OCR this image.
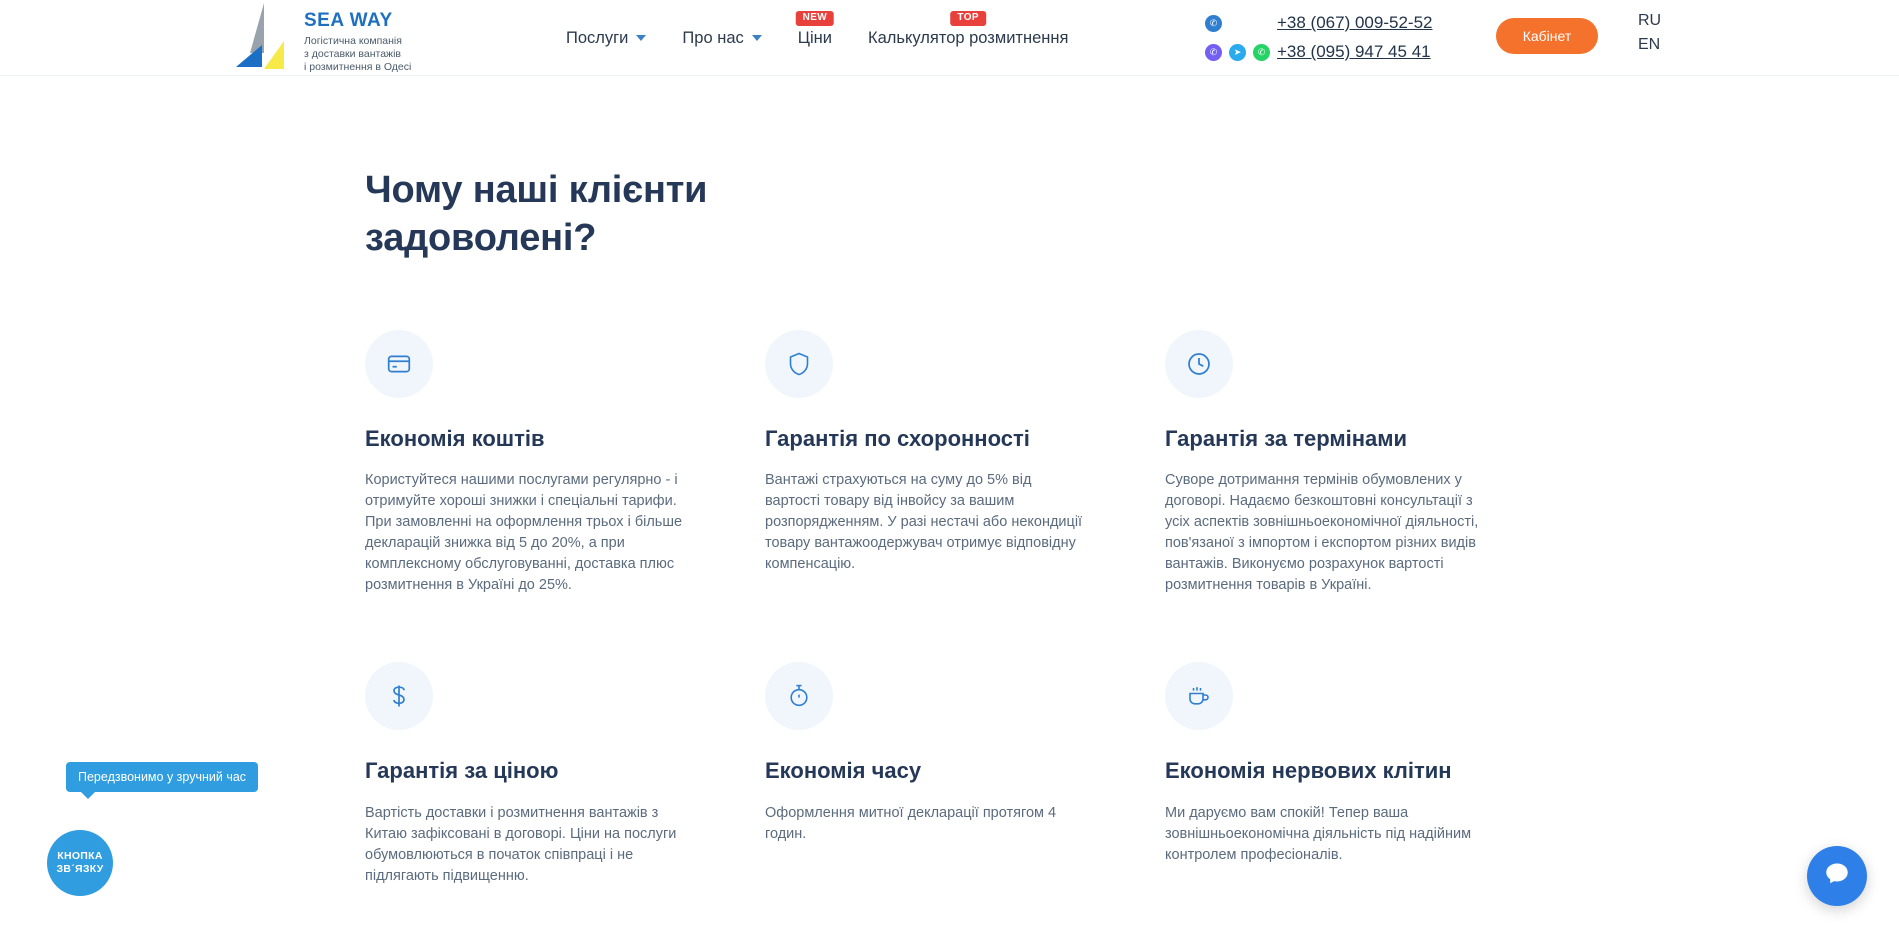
SEA WAY
Логістична компанія
з доставки вантажів
і розмитнення в Одесі
Послуги	Про нас
NEW
Ціни
TOP
Калькулятор розмитнення
✆	+38 (067) 009-52-52
✆	➤	✆ +38 (095) 947 45 41
Кабінет
RU
EN
Чому наші клієнти задоволені?
Економія коштів

Користуйтеся нашими послугами регулярно - і отримуйте хороші знижки і спеціальні тарифи. При замовленні на оформлення трьох і більше декларацій знижка від 5 до 20%, а при комплексному обслуговуванні, доставка плюс розмитнення в Україні до 25%.

Гарантія по схоронності

Вантажі страхуються на суму до 5% від вартості товару від інвойсу за вашим розпорядженням. У разі нестачі або некондиції товару вантажоодержувач отримує відповідну компенсацію.

Гарантія за термінами

Суворе дотримання термінів обумовлених у договорі. Надаємо безкоштовні консультації з усіх аспектів зовнішньоекономічної діяльності, пов'язаної з імпортом і експортом різних видів вантажів. Виконуємо розрахунок вартості розмитнення товарів в Україні.

Гарантія за ціною

Вартість доставки і розмитнення вантажів з Китаю зафіксовані в договорі. Ціни на послуги обумовлюються в початок співпраці і не підлягають підвищенню.

Економія часу

Оформлення митної декларації протягом 4 годин.

Економія нервових клітин

Ми даруємо вам спокій! Тепер ваша зовнішньоекономічна діяльність під надійним контролем професіоналів.

Передзвонимо у зручний час
КНОПКА
ЗВ´ЯЗКУ
